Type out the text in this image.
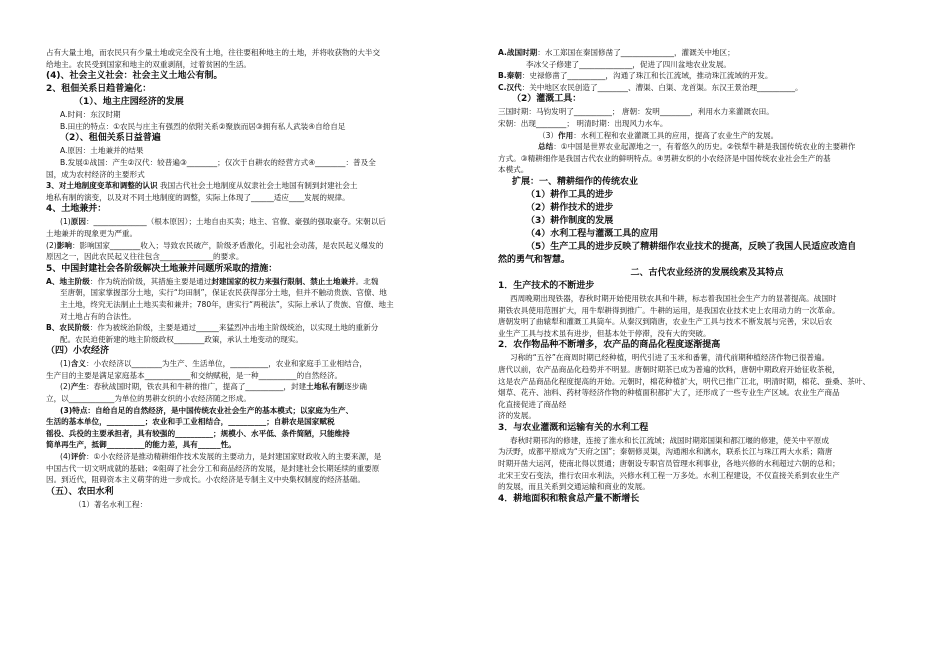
占有大量土地，而农民只有少量土地或完全没有土地，往往要租种地主的土地，并将收获物的大半交
给地主。农民受到国家和地主的双重剥削，过着贫困的生活。
(4)、社会主义社会：社会主义土地公有制。
2、租佃关系日趋普遍化：
（1）、地主庄园经济的发展
A.时间：东汉时期
B.田庄的特点：①农民与庄主有强烈的依附关系②聚族而居③拥有私人武装④自给自足
（2）、租佃关系日益普遍
A.原因：土地兼并的结果
B.发展①战国：产生②汉代：较普遍③________；仅次于自耕农的经营方式④________：普及全
国，成为农村经济的主要形式
3、对土地制度变革和调整的认识 我国古代社会土地制度从奴隶社会土地国有制到封建社会土
地私有制的演变，以及对不同土地制度的调整，实际上体现了______适应____发展的规律。
4、土地兼并：
(1)原因：______________（根本原因）；土地自由买卖；地主、官僚、豪强的强取豪夺。宋朝以后
土地兼并的现象更为严重。
(2)影响：影响国家________收入；导致农民破产，阶级矛盾激化，引起社会动荡，是农民起义爆发的
原因之一，因此农民起义往往包含______________的要求。
5、中国封建社会各阶级解决土地兼并问题所采取的措施：
A、地主阶级：作为统治阶级，其措施主要是通过封建国家的权力来强行限制、禁止土地兼并。北魏
至唐朝，国家掌握部分土地，实行“均田制”，保证农民获得部分土地，但并不触动贵族、官僚、地
主土地，终究无法制止土地买卖和兼并；780年，唐实行“两税法”，实际上承认了贵族、官僚、地主
对土地占有的合法性。
B、农民阶级：作为被统治阶级，主要是通过______来猛烈冲击地主阶级统治，以实现土地的重新分
配。农民迫使新建的地主阶级政权________政策，承认土地变动的现实。
（四）小农经济
(1)含义：小农经济以________为生产、生活单位，__________，农业和家庭手工业相结合，
生产目的主要是满足家庭基本____________和交纳赋税，是一种__________的自然经济。
(2)产生：春秋战国时期，铁农具和牛耕的推广，提高了__________，封建土地私有制逐步确
立，以____________为单位的男耕女织的小农经济随之形成。
(3)特点：自给自足的自然经济，是中国传统农业社会生产的基本模式；以家庭为生产、
生活的基本单位，__________；农业和手工业相结合，__________；自耕农是国家赋税
徭役、兵役的主要承担者，具有较强的__________；规模小、水平低、条件简陋，只能维持
简单再生产，抵御__________的能力差，具有______性。
(4)评价：①小农经济是推动精耕细作技术发展的主要动力，是封建国家财政收入的主要来源，是
中国古代一切文明成就的基础；②阻碍了社会分工和商品经济的发展，是封建社会长期延续的重要原
因。到近代，阻碍资本主义萌芽的进一步成长。小农经济是专制主义中央集权制度的经济基础。
（五）、农田水利
（1）著名水利工程：
A.战国时期：水工郑国在秦国修凿了______________，灌溉关中地区；
李冰父子修建了______________，促进了四川盆地农业发展。
B.秦朝：史禄修凿了__________，沟通了珠江和长江流域，推动珠江流域的开发。
C.汉代：关中地区农民创造了________、漕渠、白渠、龙首渠。东汉王景治理__________。
（2）灌溉工具：
三国时期：马钧发明了__________； 唐朝：发明________，利用水力来灌溉农田。
宋朝：出现________； 明清时期：出现风力水车。
（3）作用：水利工程和农业灌溉工具的应用，提高了农业生产的发展。
总结：①中国是世界农业起源地之一，有着悠久的历史。②铁犁牛耕是我国传统农业的主要耕作
方式。③精耕细作是我国古代农业的鲜明特点。④男耕女织的小农经济是中国传统农业社会生产的基
本模式。
扩展：一、精耕细作的传统农业
（1）耕作工具的进步
（2）耕作技术的进步
（3）耕作制度的发展
（4）水利工程与灌溉工具的应用
（5）生产工具的进步反映了精耕细作农业技术的提高，反映了我国人民适应改造自
然的勇气和智慧。
二、古代农业经济的发展线索及其特点
1．生产技术的不断进步
西周晚期出现铁器，春秋时期开始使用铁农具和牛耕，标志着我国社会生产力的显著提高。战国时
期铁农具使用范围扩大，用牛犁耕得到推广。牛耕的运用，是我国农业技术史上农用动力的一次革命。
唐朝发明了曲辕犁和灌溉工具筒车。从秦汉到隋唐，农业生产工具与技术不断发展与完善，宋以后农
业生产工具与技术虽有进步，但基本处于停滞，没有大的突破。
2．农作物品种不断增多，农产品的商品化程度逐渐提高
习称的“五谷”在商周时期已经种植，明代引进了玉米和番薯，清代前期种植经济作物已很普遍。
唐代以前，农产品商品化趋势并不明显。唐朝时期茶已成为普遍的饮料，唐朝中期政府开始征收茶税，
这是农产品商品化程度提高的开始。元朝时，棉花种植扩大，明代已推广江北，明清时期，棉花、蚕桑、茶叶、
烟草、花卉、油料、药材等经济作物的种植面积都扩大了，还形成了一些专业生产区域。农业生产商品
化直接促进了商品经
济的发展。
3．与农业灌溉和运输有关的水利工程
春秋时期邗沟的修建，连接了淮水和长江流域；战国时期郑国渠和都江堰的修建，使关中平原成
为沃野，成都平原成为“天府之国”；秦朝修灵渠，沟通湘水和漓水，联系长江与珠江两大水系；隋唐
时期开凿大运河，使南北得以贯通；唐朝设专职官员管理水利事业，各地兴修的水利超过六朝的总和；
北宋王安石变法，推行农田水利法，兴修水利工程一万多处。水利工程建设，不仅直接关系到农业生产
的发展，而且关系到交通运输和商业的发展。
4．耕地面积和粮食总产量不断增长
